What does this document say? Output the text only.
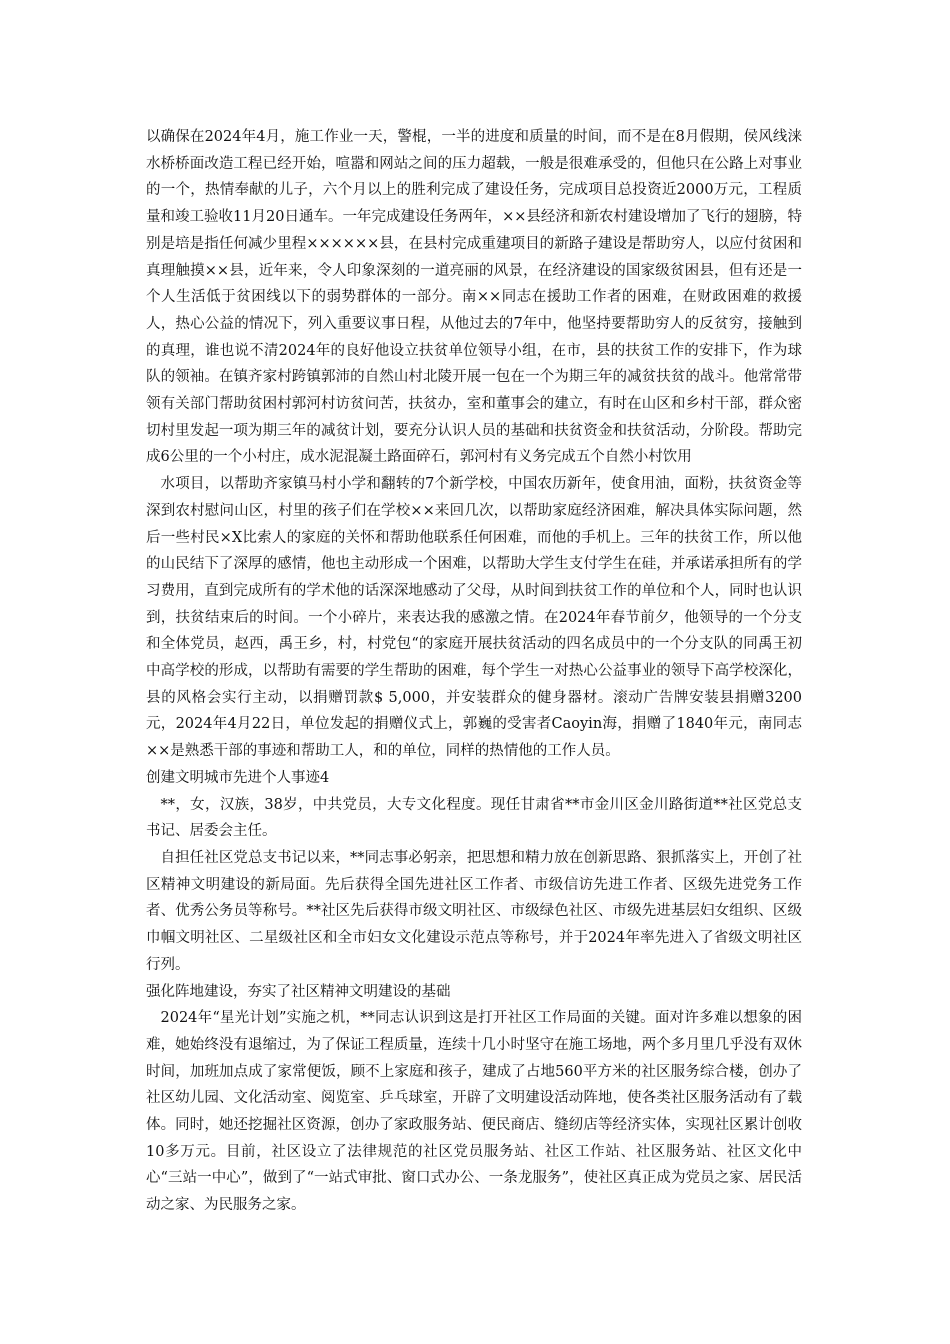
以确保在2024年4月，施工作业一天，警棍，一半的进度和质量的时间，而不是在8月假期，侯风线涞水桥桥面改造工程已经开始，喧嚣和网站之间的压力超载，一般是很难承受的，但他只在公路上对事业的一个，热情奉献的儿子，六个月以上的胜利完成了建设任务，完成项目总投资近2000万元，工程质量和竣工验收11月20日通车。一年完成建设任务两年，××县经济和新农村建设增加了飞行的翅膀，特别是培是指任何减少里程××××××县，在县村完成重建项目的新路子建设是帮助穷人，以应付贫困和真理触摸××县，近年来，令人印象深刻的一道亮丽的风景，在经济建设的国家级贫困县，但有还是一个人生活低于贫困线以下的弱势群体的一部分。南××同志在援助工作者的困难，在财政困难的救援人，热心公益的情况下，列入重要议事日程，从他过去的7年中，他坚持要帮助穷人的反贫穷，接触到的真理，谁也说不清2024年的良好他设立扶贫单位领导小组，在市，县的扶贫工作的安排下，作为球队的领袖。在镇齐家村跨镇郭沛的自然山村北陵开展一包在一个为期三年的减贫扶贫的战斗。他常常带领有关部门帮助贫困村郭河村访贫问苦，扶贫办，室和董事会的建立，有时在山区和乡村干部，群众密切村里发起一项为期三年的减贫计划，要充分认识人员的基础和扶贫资金和扶贫活动，分阶段。帮助完成6公里的一个小村庄，成水泥混凝土路面碎石，郭河村有义务完成五个自然小村饮用

水项目，以帮助齐家镇马村小学和翻转的7个新学校，中国农历新年，使食用油，面粉，扶贫资金等深到农村慰问山区，村里的孩子们在学校××来回几次，以帮助家庭经济困难，解决具体实际问题，然后一些村民×X比索人的家庭的关怀和帮助他联系任何困难，而他的手机上。三年的扶贫工作，所以他的山民结下了深厚的感情，他也主动形成一个困难，以帮助大学生支付学生在硅，并承诺承担所有的学习费用，直到完成所有的学术他的话深深地感动了父母，从时间到扶贫工作的单位和个人，同时也认识到，扶贫结束后的时间。一个小碎片，来表达我的感激之情。在2024年春节前夕，他领导的一个分支和全体党员，赵西，禹王乡，村，村党包“的家庭开展扶贫活动的四名成员中的一个分支队的同禹王初中高学校的形成，以帮助有需要的学生帮助的困难，每个学生一对热心公益事业的领导下高学校深化，县的风格会实行主动，以捐赠罚款$ 5,000，并安装群众的健身器材。滚动广告牌安装县捐赠3200元，2024年4月22日，单位发起的捐赠仪式上，郭巍的受害者Caoyin海，捐赠了1840年元，南同志××是熟悉干部的事迹和帮助工人，和的单位，同样的热情他的工作人员。

创建文明城市先进个人事迹4

**，女，汉族，38岁，中共党员，大专文化程度。现任甘肃省**市金川区金川路街道**社区党总支书记、居委会主任。

自担任社区党总支书记以来，**同志事必躬亲，把思想和精力放在创新思路、狠抓落实上，开创了社区精神文明建设的新局面。先后获得全国先进社区工作者、市级信访先进工作者、区级先进党务工作者、优秀公务员等称号。**社区先后获得市级文明社区、市级绿色社区、市级先进基层妇女组织、区级巾帼文明社区、二星级社区和全市妇女文化建设示范点等称号，并于2024年率先进入了省级文明社区行列。

强化阵地建设，夯实了社区精神文明建设的基础

2024年“星光计划”实施之机，**同志认识到这是打开社区工作局面的关键。面对许多难以想象的困难，她始终没有退缩过，为了保证工程质量，连续十几小时坚守在施工场地，两个多月里几乎没有双休时间，加班加点成了家常便饭，顾不上家庭和孩子，建成了占地560平方米的社区服务综合楼，创办了社区幼儿园、文化活动室、阅览室、乒乓球室，开辟了文明建设活动阵地，使各类社区服务活动有了载体。同时，她还挖掘社区资源，创办了家政服务站、便民商店、缝纫店等经济实体，实现社区累计创收10多万元。目前，社区设立了法律规范的社区党员服务站、社区工作站、社区服务站、社区文化中心“三站一中心”，做到了“一站式审批、窗口式办公、一条龙服务”，使社区真正成为党员之家、居民活动之家、为民服务之家。
